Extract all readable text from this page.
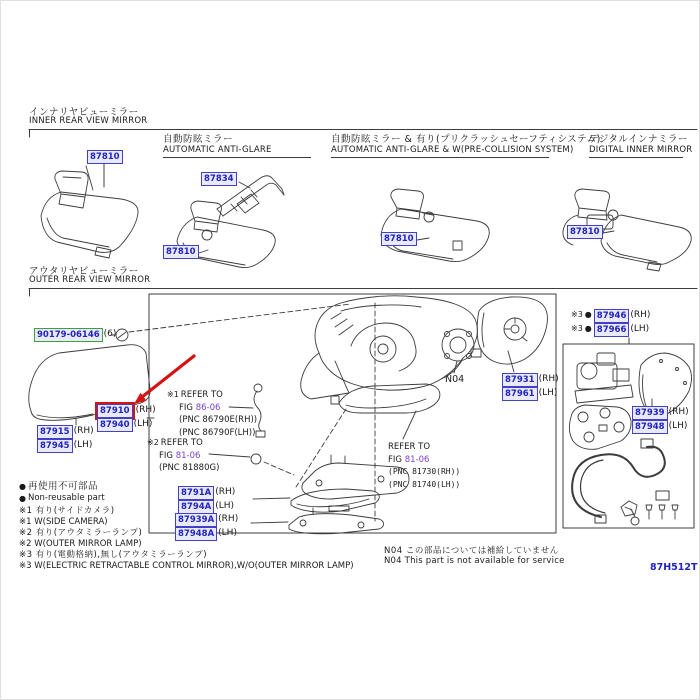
インナリヤビューミラー
INNER REAR VIEW MIRROR
自動防眩ミラー
AUTOMATIC ANTI-GLARE
自動防眩ミラー & 有り(プリクラッシュセーフティシステム)
AUTOMATIC ANTI-GLARE & W(PRE-COLLISION SYSTEM)
デジタルインナミラー
DIGITAL INNER MIRROR
87810
87834
87810
87810
87810
アウタリヤビューミラー
OUTER REAR VIEW MIRROR
90179-06146 (6)
87915 (RH)
87945 (LH)
87910 (RH)
87940 (LH)
※1 REFER TO
FIG 86-06
(PNC 86790E(RH))
(PNC 86790F(LH))
※2 REFER TO
FIG 81-06
(PNC 81880G)
8791A (RH)
8794A (LH)
87939A (RH)
87948A (LH)
N04	87931 (RH)
87961 (LH)
REFER TO
FIG 81-06
(PNC 81730(RH))
(PNC 81740(LH))
※3 ● 87946 (RH)
※3 ● 87966 (LH)
87939 (RH)
87948 (LH)
● 再使用不可部品
● Non-reusable part
※1 有り(サイドカメラ)
※1 W(SIDE CAMERA)
※2 有り(アウタミラーランプ)
※2 W(OUTER MIRROR LAMP)
※3 有り(電動格納),無し(アウタミラーランプ)
※3 W(ELECTRIC RETRACTABLE CONTROL MIRROR),W/O(OUTER MIRROR LAMP)
N04 この部品については補給していません
N04 This part is not available for service
87H512T
